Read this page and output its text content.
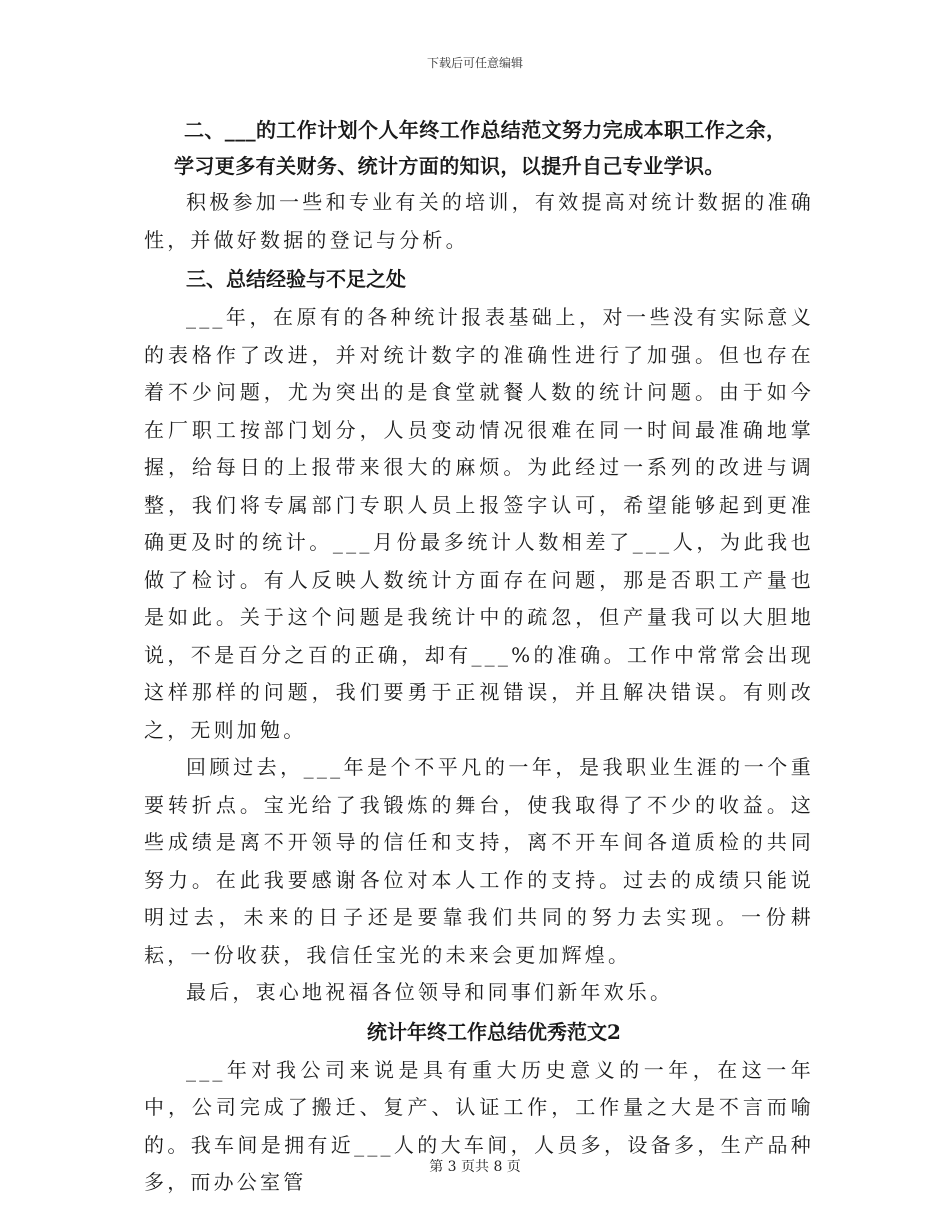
下载后可任意编辑
二、___的工作计划个人年终工作总结范文努力完成本职工作之余，
学习更多有关财务、统计方面的知识，以提升自己专业学识。

积极参加一些和专业有关的培训，有效提高对统计数据的准确性，并做好数据的登记与分析。

三、总结经验与不足之处

___年，在原有的各种统计报表基础上，对一些没有实际意义的表格作了改进，并对统计数字的准确性进行了加强。但也存在着不少问题，尤为突出的是食堂就餐人数的统计问题。由于如今在厂职工按部门划分，人员变动情况很难在同一时间最准确地掌握，给每日的上报带来很大的麻烦。为此经过一系列的改进与调整，我们将专属部门专职人员上报签字认可，希望能够起到更准确更及时的统计。___月份最多统计人数相差了___人，为此我也做了检讨。有人反映人数统计方面存在问题，那是否职工产量也是如此。关于这个问题是我统计中的疏忽，但产量我可以大胆地说，不是百分之百的正确，却有___%的准确。工作中常常会出现这样那样的问题，我们要勇于正视错误，并且解决错误。有则改之，无则加勉。

回顾过去，___年是个不平凡的一年，是我职业生涯的一个重要转折点。宝光给了我锻炼的舞台，使我取得了不少的收益。这些成绩是离不开领导的信任和支持，离不开车间各道质检的共同努力。在此我要感谢各位对本人工作的支持。过去的成绩只能说明过去，未来的日子还是要靠我们共同的努力去实现。一份耕耘，一份收获，我信任宝光的未来会更加辉煌。

最后，衷心地祝福各位领导和同事们新年欢乐。

统计年终工作总结优秀范文2

___年对我公司来说是具有重大历史意义的一年，在这一年中，公司完成了搬迁、复产、认证工作，工作量之大是不言而喻的。我车间是拥有近___人的大车间，人员多，设备多，生产品种多，而办公室管

第 3 页共 8 页
